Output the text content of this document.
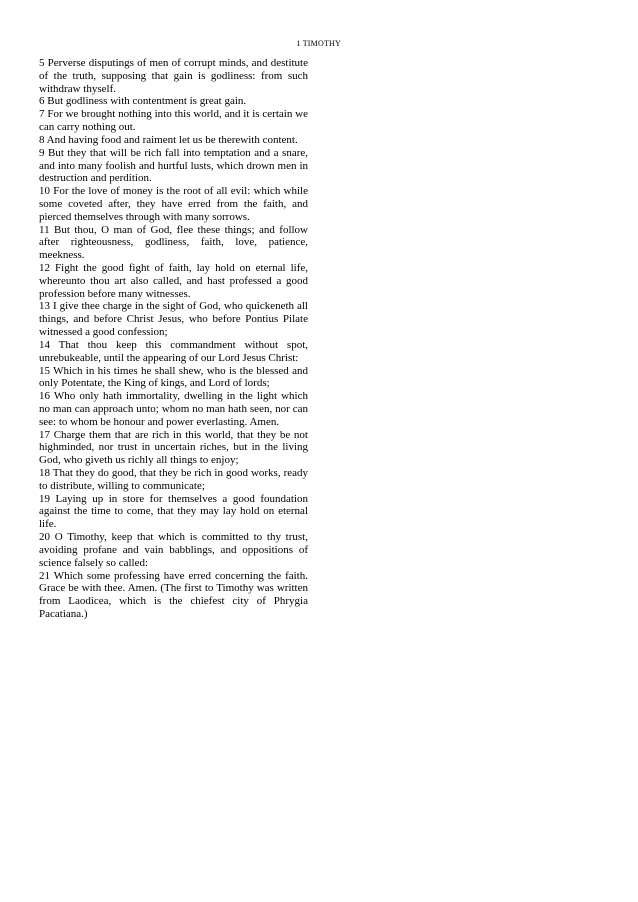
1 TIMOTHY

5 Perverse disputings of men of corrupt minds, and destitute of the truth, supposing that gain is godliness: from such withdraw thyself.

6 But godliness with contentment is great gain.

7 For we brought nothing into this world, and it is certain we can carry nothing out.

8 And having food and raiment let us be therewith content.

9 But they that will be rich fall into temptation and a snare, and into many foolish and hurtful lusts, which drown men in destruction and perdition.

10 For the love of money is the root of all evil: which while some coveted after, they have erred from the faith, and pierced themselves through with many sorrows.

11 But thou, O man of God, flee these things; and follow after righteousness, godliness, faith, love, patience, meekness.

12 Fight the good fight of faith, lay hold on eternal life, whereunto thou art also called, and hast professed a good profession before many witnesses.

13 I give thee charge in the sight of God, who quickeneth all things, and before Christ Jesus, who before Pontius Pilate witnessed a good confession;

14 That thou keep this commandment without spot, unrebukeable, until the appearing of our Lord Jesus Christ:

15 Which in his times he shall shew, who is the blessed and only Potentate, the King of kings, and Lord of lords;

16 Who only hath immortality, dwelling in the light which no man can approach unto; whom no man hath seen, nor can see: to whom be honour and power everlasting. Amen.

17 Charge them that are rich in this world, that they be not highminded, nor trust in uncertain riches, but in the living God, who giveth us richly all things to enjoy;

18 That they do good, that they be rich in good works, ready to distribute, willing to communicate;

19 Laying up in store for themselves a good foundation against the time to come, that they may lay hold on eternal life.

20 O Timothy, keep that which is committed to thy trust, avoiding profane and vain babblings, and oppositions of science falsely so called:

21 Which some professing have erred concerning the faith. Grace be with thee. Amen. (The first to Timothy was written from Laodicea, which is the chiefest city of Phrygia Pacatiana.)
